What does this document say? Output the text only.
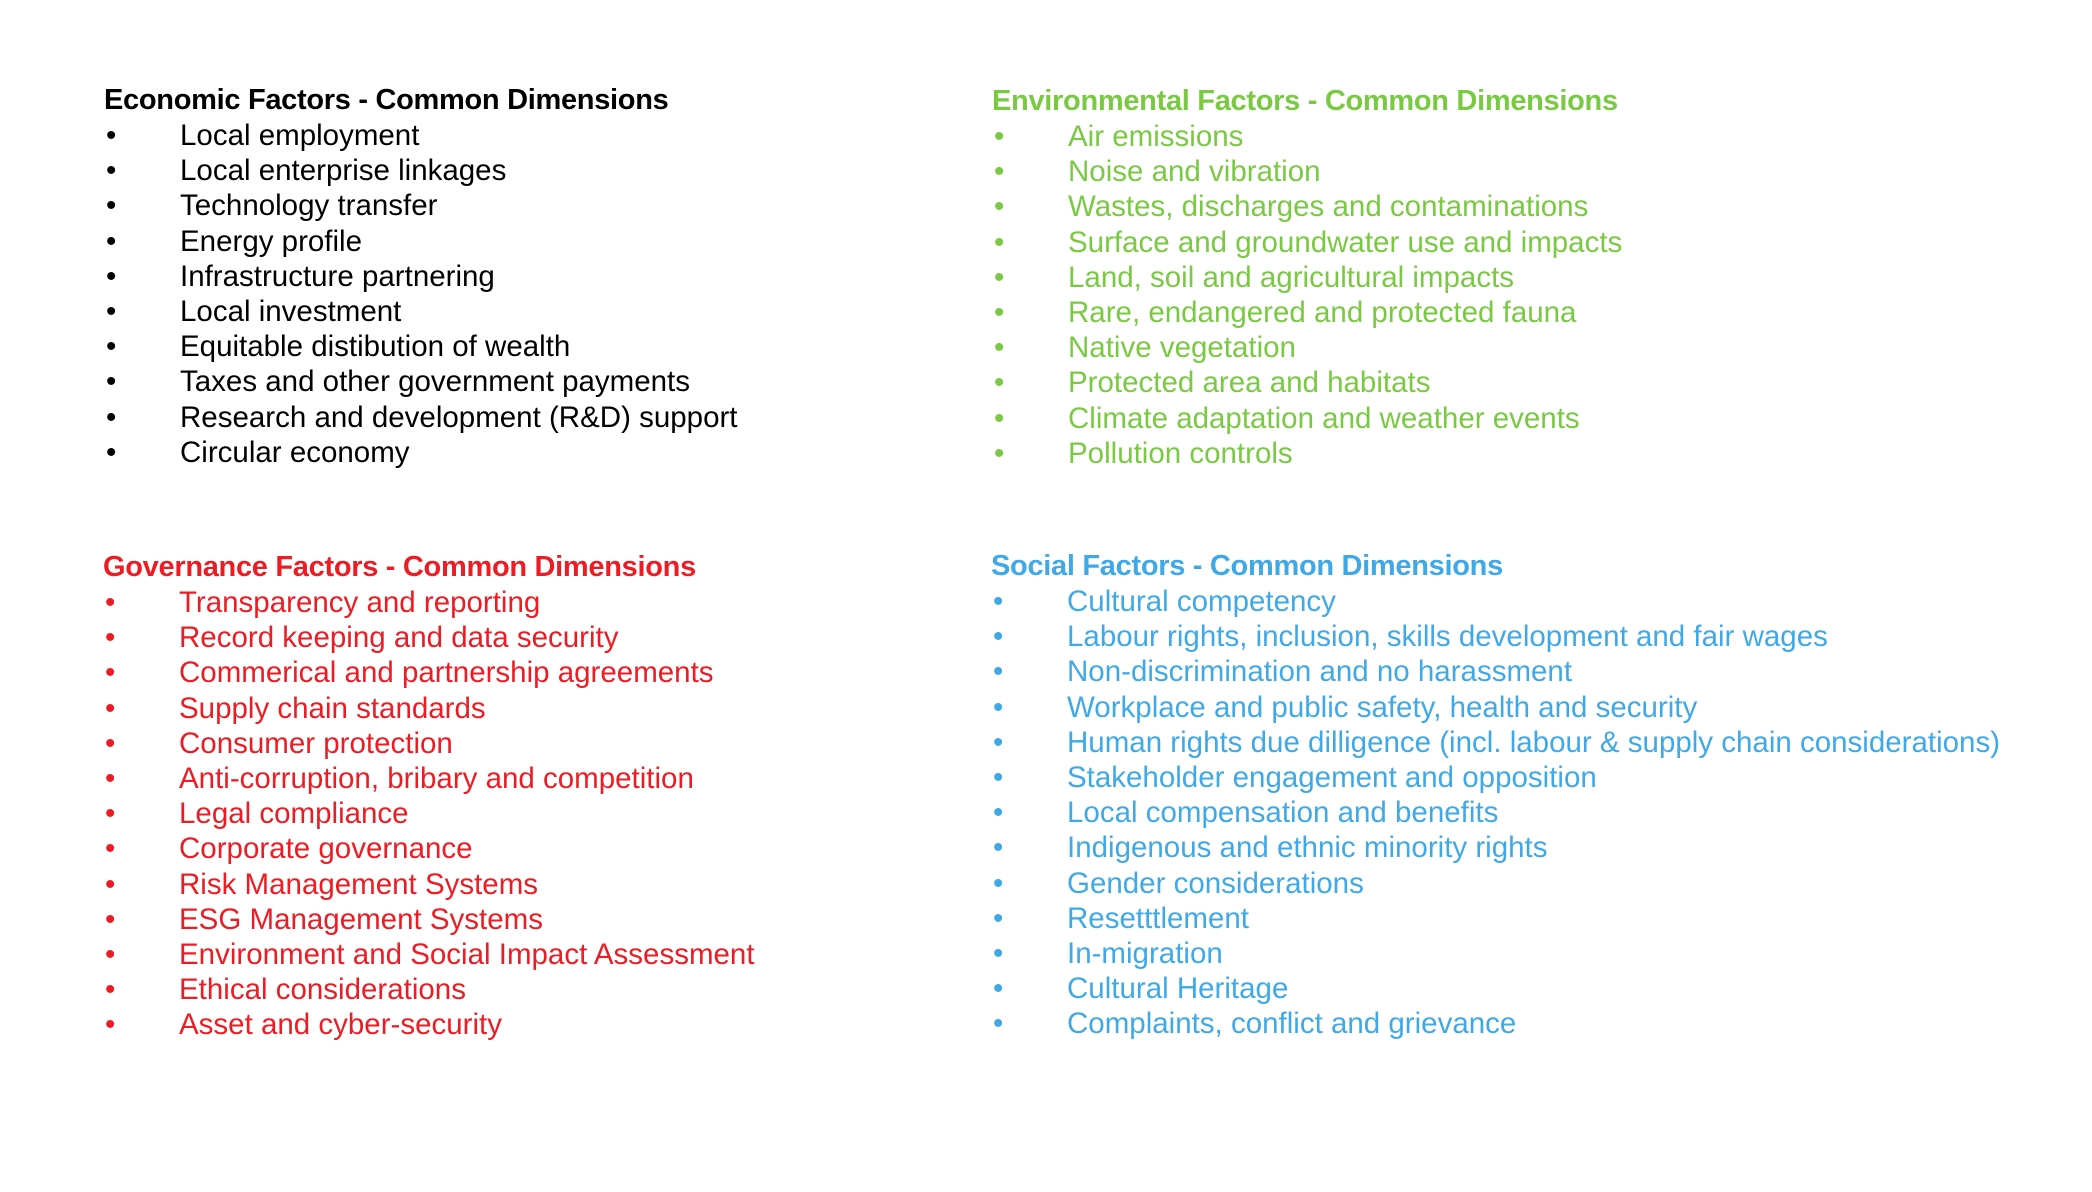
Economic Factors - Common Dimensions
• Local employment
• Local enterprise linkages
• Technology transfer
• Energy profile
• Infrastructure partnering
• Local investment
• Equitable distibution of wealth
• Taxes and other government payments
• Research and development (R&D) support
• Circular economy
Environmental Factors - Common Dimensions
• Air emissions
• Noise and vibration
• Wastes, discharges and contaminations
• Surface and groundwater use and impacts
• Land, soil and agricultural impacts
• Rare, endangered and protected fauna
• Native vegetation
• Protected area and habitats
• Climate adaptation and weather events
• Pollution controls
Governance Factors - Common Dimensions
• Transparency and reporting
• Record keeping and data security
• Commerical and partnership agreements
• Supply chain standards
• Consumer protection
• Anti-corruption, bribary and competition
• Legal compliance
• Corporate governance
• Risk Management Systems
• ESG Management Systems
• Environment and Social Impact Assessment
• Ethical considerations
• Asset and cyber-security
Social Factors - Common Dimensions
• Cultural competency
• Labour rights, inclusion, skills development and fair wages
• Non-discrimination and no harassment
• Workplace and public safety, health and security
• Human rights due dilligence (incl. labour & supply chain considerations)
• Stakeholder engagement and opposition
• Local compensation and benefits
• Indigenous and ethnic minority rights
• Gender considerations
• Resetttlement
• In-migration
• Cultural Heritage
• Complaints, conflict and grievance
